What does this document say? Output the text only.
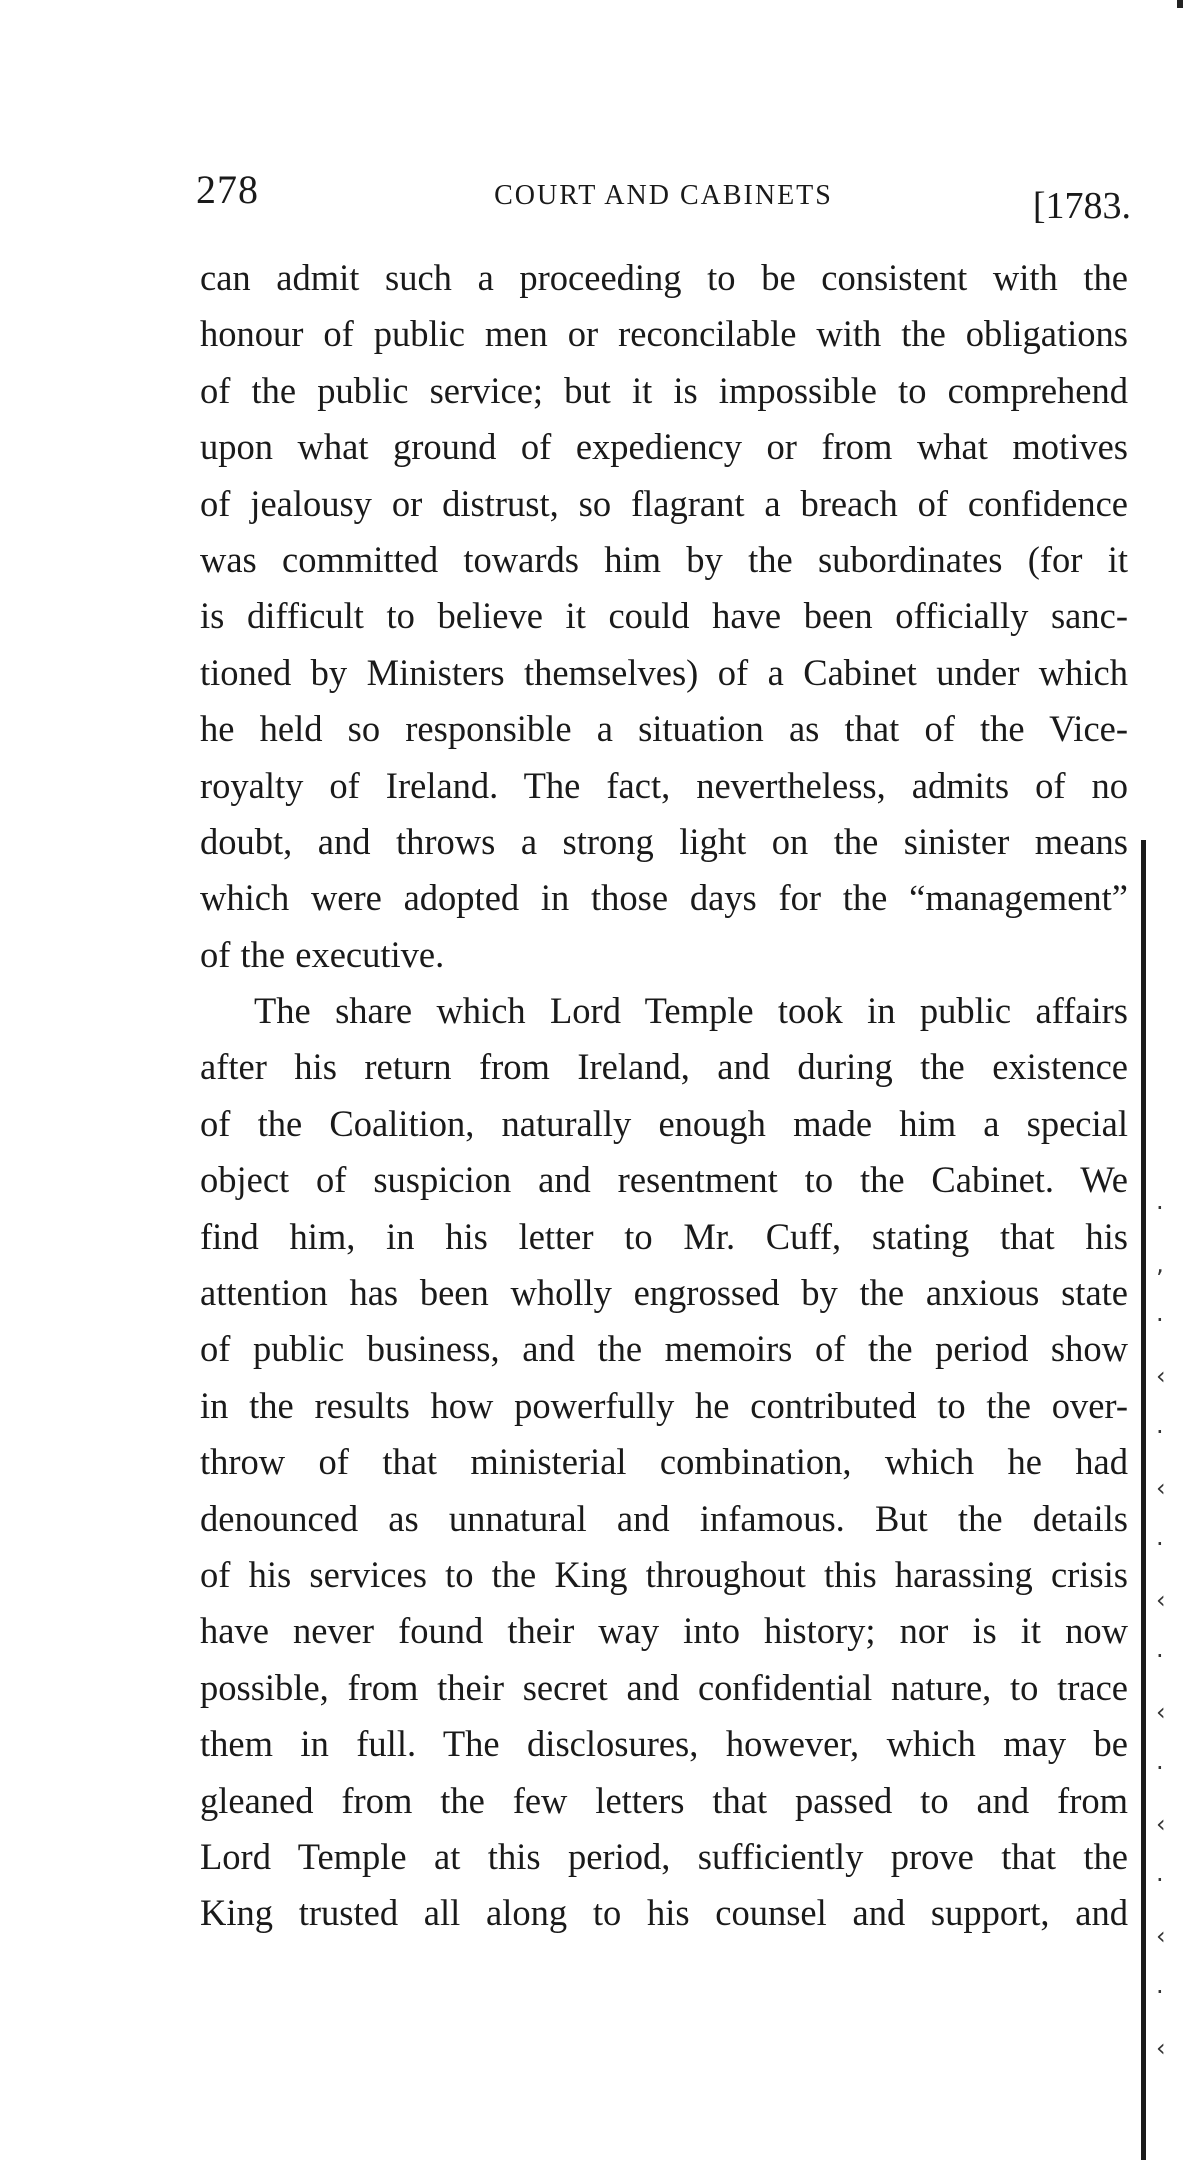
278	COURT AND CABINETS	[1783.
can admit such a proceeding to be consistent with the
honour of public men or reconcilable with the obligations
of the public service; but it is impossible to comprehend
upon what ground of expediency or from what motives
of jealousy or distrust, so flagrant a breach of confidence
was committed towards him by the subordinates (for it
is difficult to believe it could have been officially sanc-
tioned by Ministers themselves) of a Cabinet under which
he held so responsible a situation as that of the Vice-
royalty of Ireland. The fact, nevertheless, admits of no
doubt, and throws a strong light on the sinister means
which were adopted in those days for the “management”
of the executive.
The share which Lord Temple took in public affairs
after his return from Ireland, and during the existence
of the Coalition, naturally enough made him a special
object of suspicion and resentment to the Cabinet. We
find him, in his letter to Mr. Cuff, stating that his
attention has been wholly engrossed by the anxious state
of public business, and the memoirs of the period show
in the results how powerfully he contributed to the over-
throw of that ministerial combination, which he had
denounced as unnatural and infamous. But the details
of his services to the King throughout this harassing crisis
have never found their way into history; nor is it now
possible, from their secret and confidential nature, to trace
them in full. The disclosures, however, which may be
gleaned from the few letters that passed to and from
Lord Temple at this period, sufficiently prove that the
King trusted all along to his counsel and support, and
·
‚
·
‹
·
‹
·
‹
·
‹
·
‹
·
‹
·
‹
